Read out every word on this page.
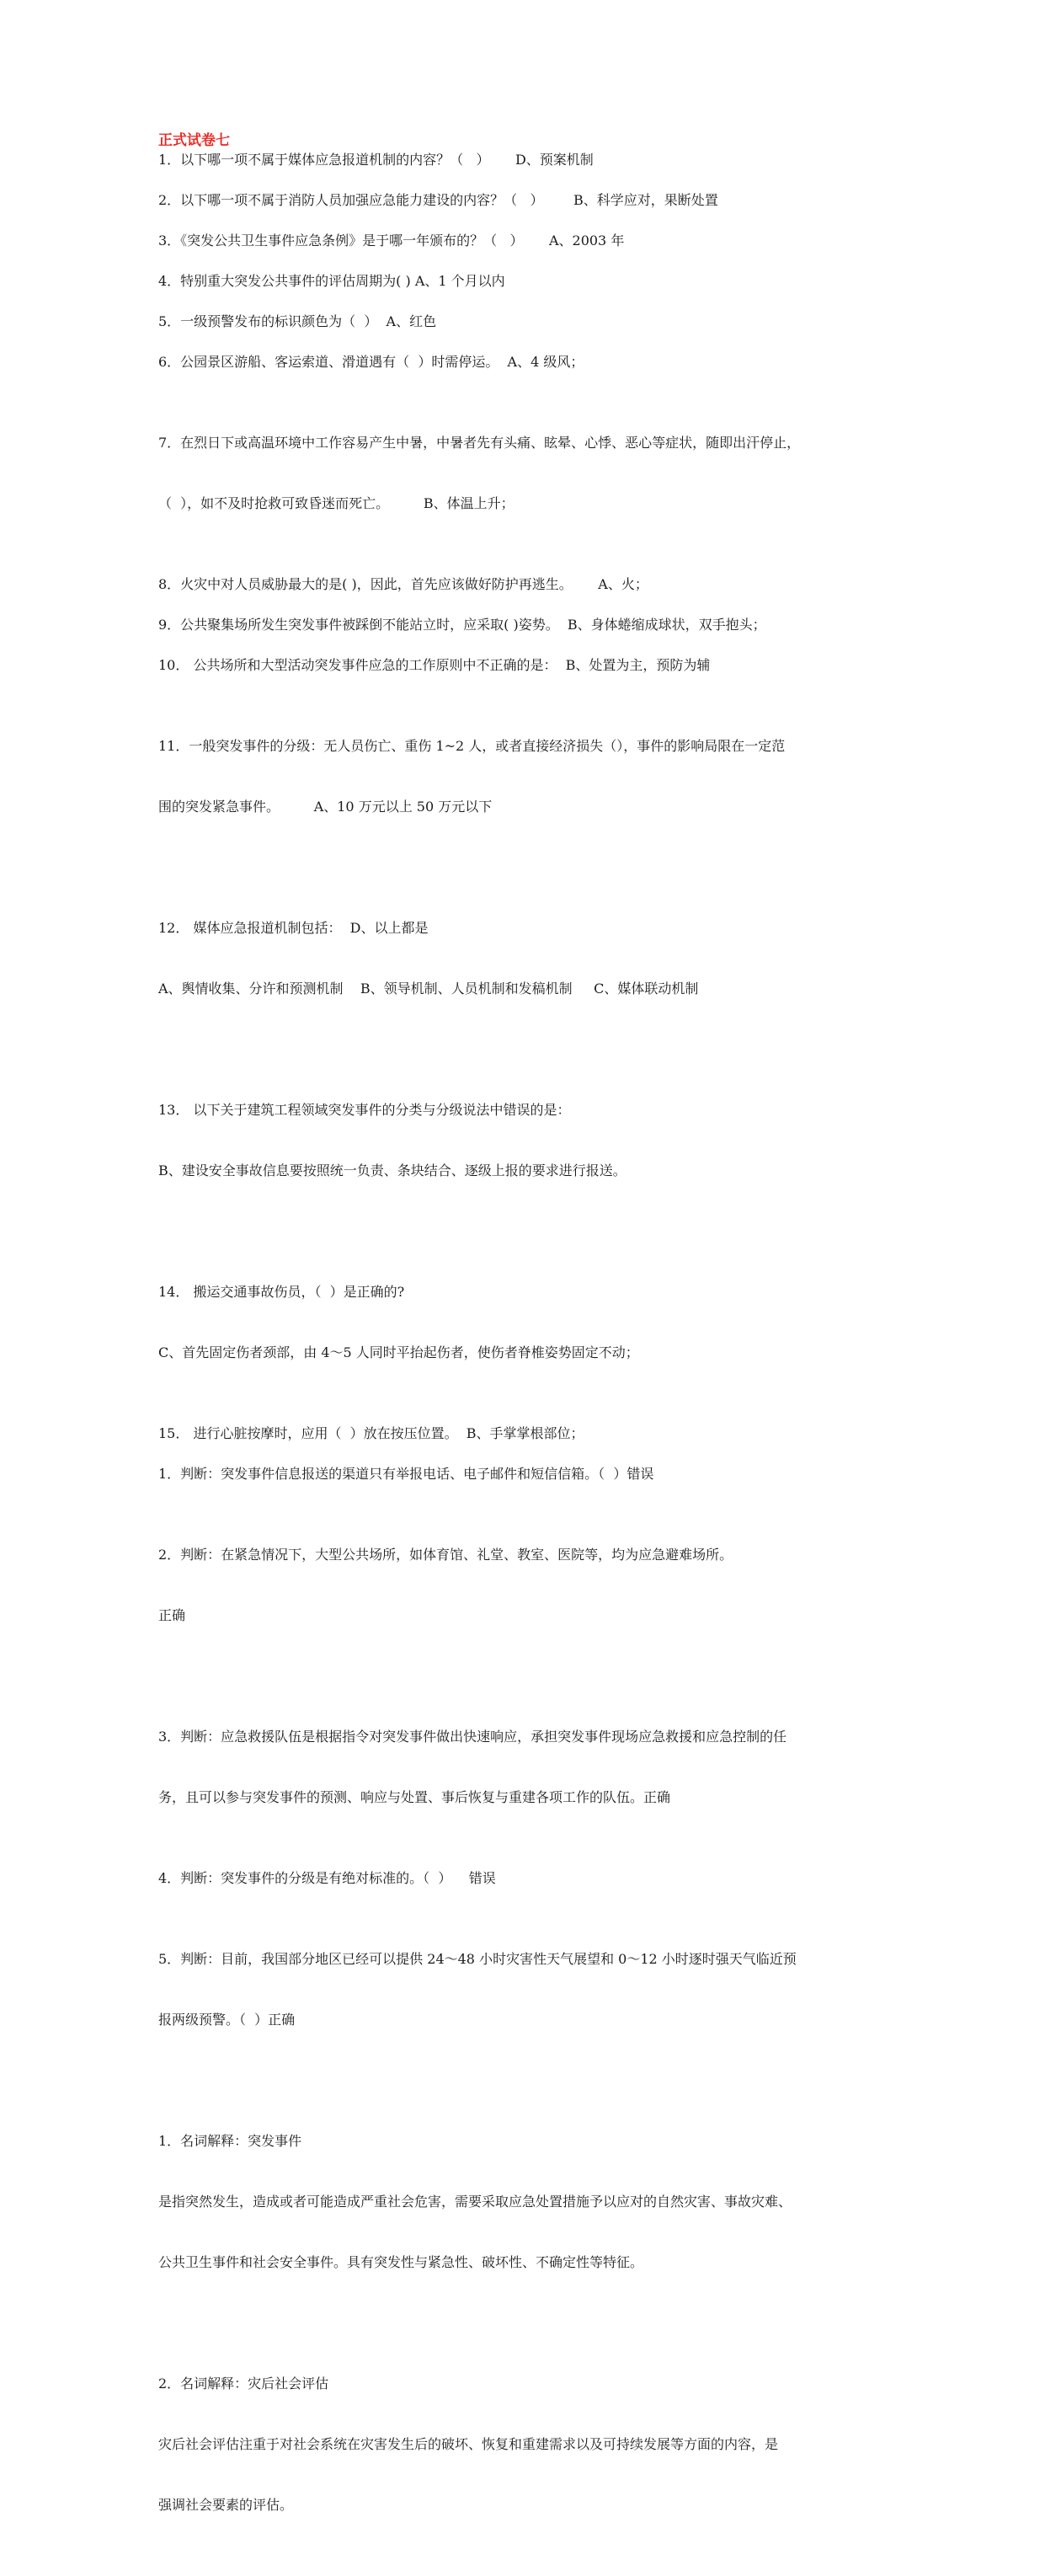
正式试卷七

1．以下哪一项不属于媒体应急报道机制的内容？（   ）      D、预案机制
2．以下哪一项不属于消防人员加强应急能力建设的内容？（   ）       B、科学应对，果断处置
3．《突发公共卫生事件应急条例》是于哪一年颁布的？（   ）      A、2003 年
4．特别重大突发公共事件的评估周期为( ) A、1 个月以内
5．一级预警发布的标识颜色为（  ）  A、红色
6．公园景区游船、客运索道、滑道遇有（  ）时需停运。  A、4 级风；

7．在烈日下或高温环境中工作容易产生中暑，中暑者先有头痛、眩晕、心悸、恶心等症状，随即出汗停止，

（  ），如不及时抢救可致昏迷而死亡。        B、体温上升；

8．火灾中对人员威胁最大的是( )，因此，首先应该做好防护再逃生。      A、火；
9．公共聚集场所发生突发事件被踩倒不能站立时，应采取( )姿势。  B、身体蜷缩成球状，双手抱头；
10． 公共场所和大型活动突发事件应急的工作原则中不正确的是：  B、处置为主，预防为辅

11．一般突发事件的分级：无人员伤亡、重伤 1~2 人，或者直接经济损失（），事件的影响局限在一定范

围的突发紧急事件。        A、10 万元以上 50 万元以下

12． 媒体应急报道机制包括：  D、以上都是

A、舆情收集、分许和预测机制    B、领导机制、人员机制和发稿机制     C、媒体联动机制

13． 以下关于建筑工程领域突发事件的分类与分级说法中错误的是：

B、建设安全事故信息要按照统一负责、条块结合、逐级上报的要求进行报送。

14． 搬运交通事故伤员，（  ）是正确的?

C、首先固定伤者颈部，由 4～5 人同时平抬起伤者，使伤者脊椎姿势固定不动；

15． 进行心脏按摩时，应用（  ）放在按压位置。  B、手掌掌根部位；
1．判断：突发事件信息报送的渠道只有举报电话、电子邮件和短信信箱。（  ）错误

2．判断：在紧急情况下，大型公共场所，如体育馆、礼堂、教室、医院等，均为应急避难场所。

正确

3．判断：应急救援队伍是根据指令对突发事件做出快速响应，承担突发事件现场应急救援和应急控制的任

务，且可以参与突发事件的预测、响应与处置、事后恢复与重建各项工作的队伍。正确

4．判断：突发事件的分级是有绝对标准的。（  ）    错误

5．判断：目前，我国部分地区已经可以提供 24～48 小时灾害性天气展望和 0～12 小时逐时强天气临近预

报两级预警。（  ）正确

1．名词解释：突发事件

是指突然发生，造成或者可能造成严重社会危害，需要采取应急处置措施予以应对的自然灾害、事故灾难、

公共卫生事件和社会安全事件。具有突发性与紧急性、破坏性、不确定性等特征。

2．名词解释：灾后社会评估

灾后社会评估注重于对社会系统在灾害发生后的破坏、恢复和重建需求以及可持续发展等方面的内容，是

强调社会要素的评估。
